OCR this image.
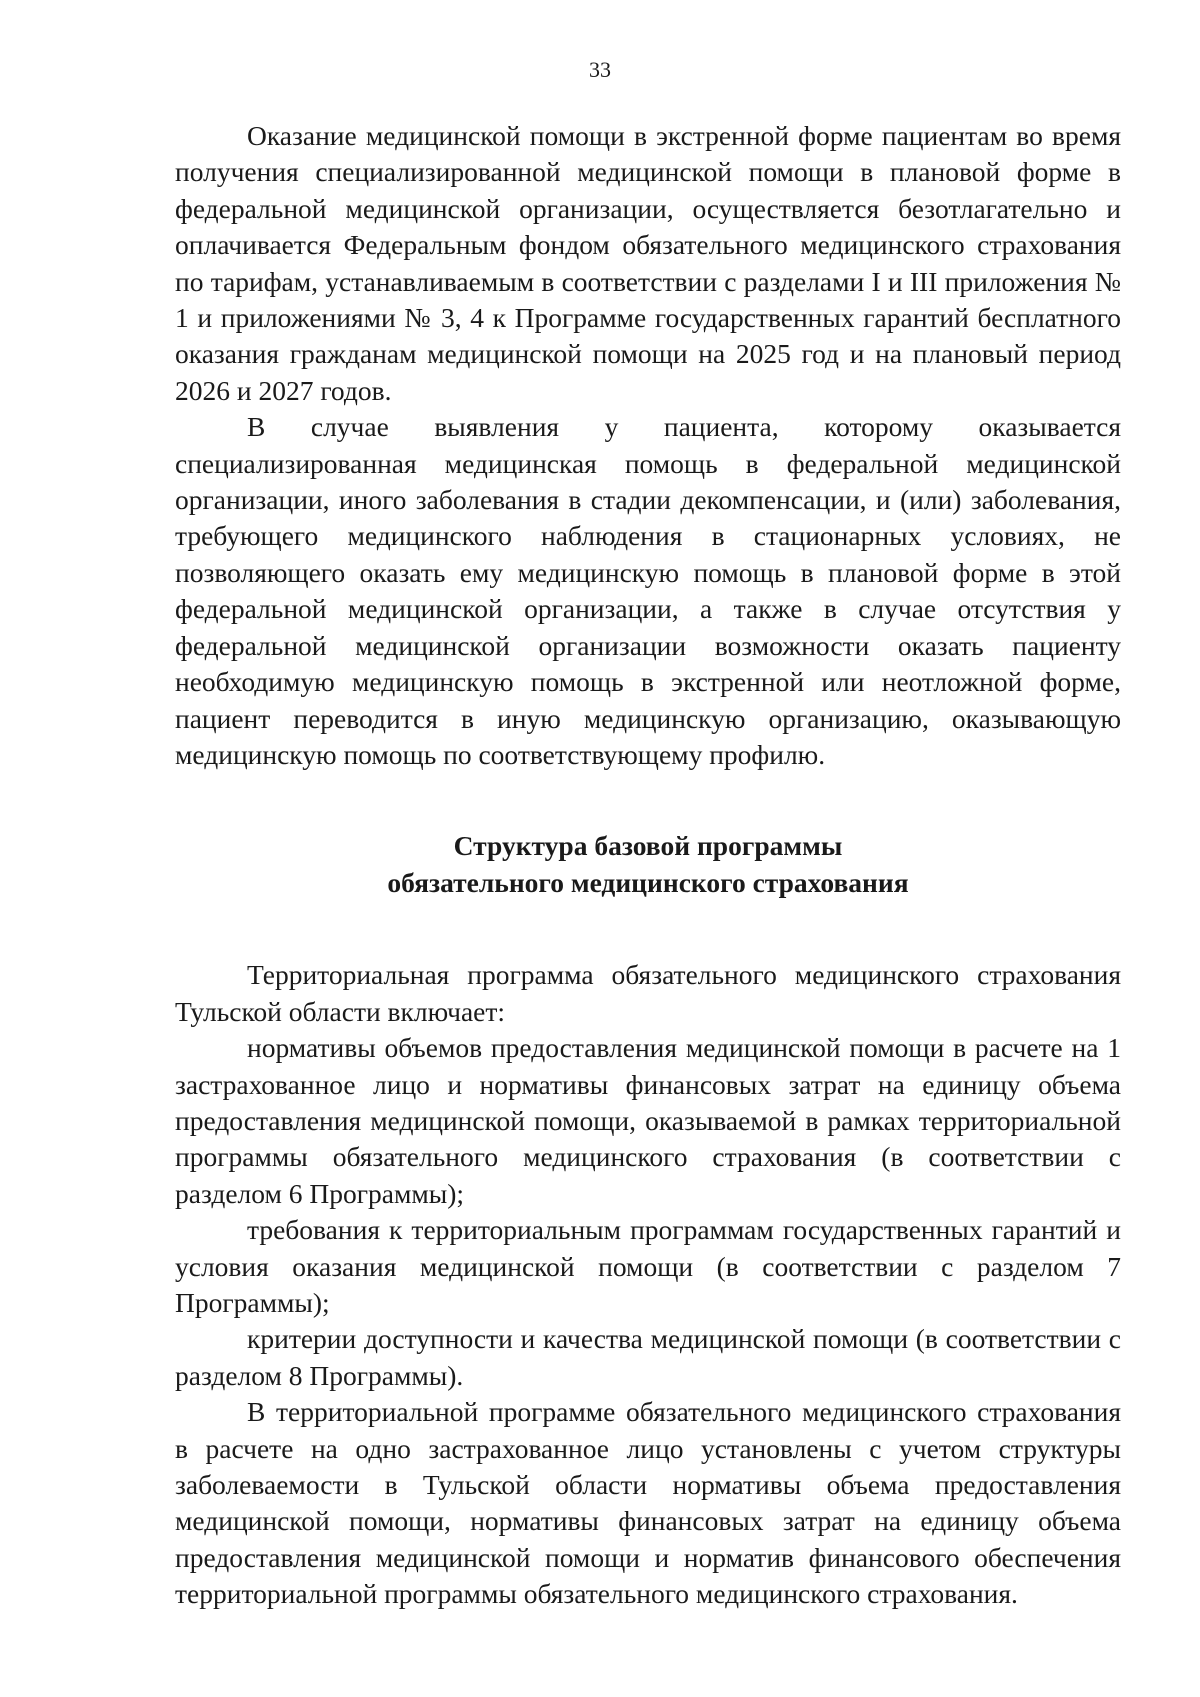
33

Оказание медицинской помощи в экстренной форме пациентам во время получения специализированной медицинской помощи в плановой форме в федеральной медицинской организации, осуществляется безотлагательно и оплачивается Федеральным фондом обязательного медицинского страхования по тарифам, устанавливаемым в соответствии с разделами I и III приложения № 1 и приложениями № 3, 4 к Программе государственных гарантий бесплатного оказания гражданам медицинской помощи на 2025 год и на плановый период 2026 и 2027 годов.

В случае выявления у пациента, которому оказывается специализированная медицинская помощь в федеральной медицинской организации, иного заболевания в стадии декомпенсации, и (или) заболевания, требующего медицинского наблюдения в стационарных условиях, не позволяющего оказать ему медицинскую помощь в плановой форме в этой федеральной медицинской организации, а также в случае отсутствия у федеральной медицинской организации возможности оказать пациенту необходимую медицинскую помощь в экстренной или неотложной форме, пациент переводится в иную медицинскую организацию, оказывающую медицинскую помощь по соответствующему профилю.

Структура базовой программы
обязательного медицинского страхования

Территориальная программа обязательного медицинского страхования Тульской области включает:

нормативы объемов предоставления медицинской помощи в расчете на 1 застрахованное лицо и нормативы финансовых затрат на единицу объема предоставления медицинской помощи, оказываемой в рамках территориальной программы обязательного медицинского страхования (в соответствии с разделом 6 Программы);

требования к территориальным программам государственных гарантий и условия оказания медицинской помощи (в соответствии с разделом 7 Программы);

критерии доступности и качества медицинской помощи (в соответствии с разделом 8 Программы).

В территориальной программе обязательного медицинского страхования в расчете на одно застрахованное лицо установлены с учетом структуры заболеваемости в Тульской области нормативы объема предоставления медицинской помощи, нормативы финансовых затрат на единицу объема предоставления медицинской помощи и норматив финансового обеспечения территориальной программы обязательного медицинского страхования.
